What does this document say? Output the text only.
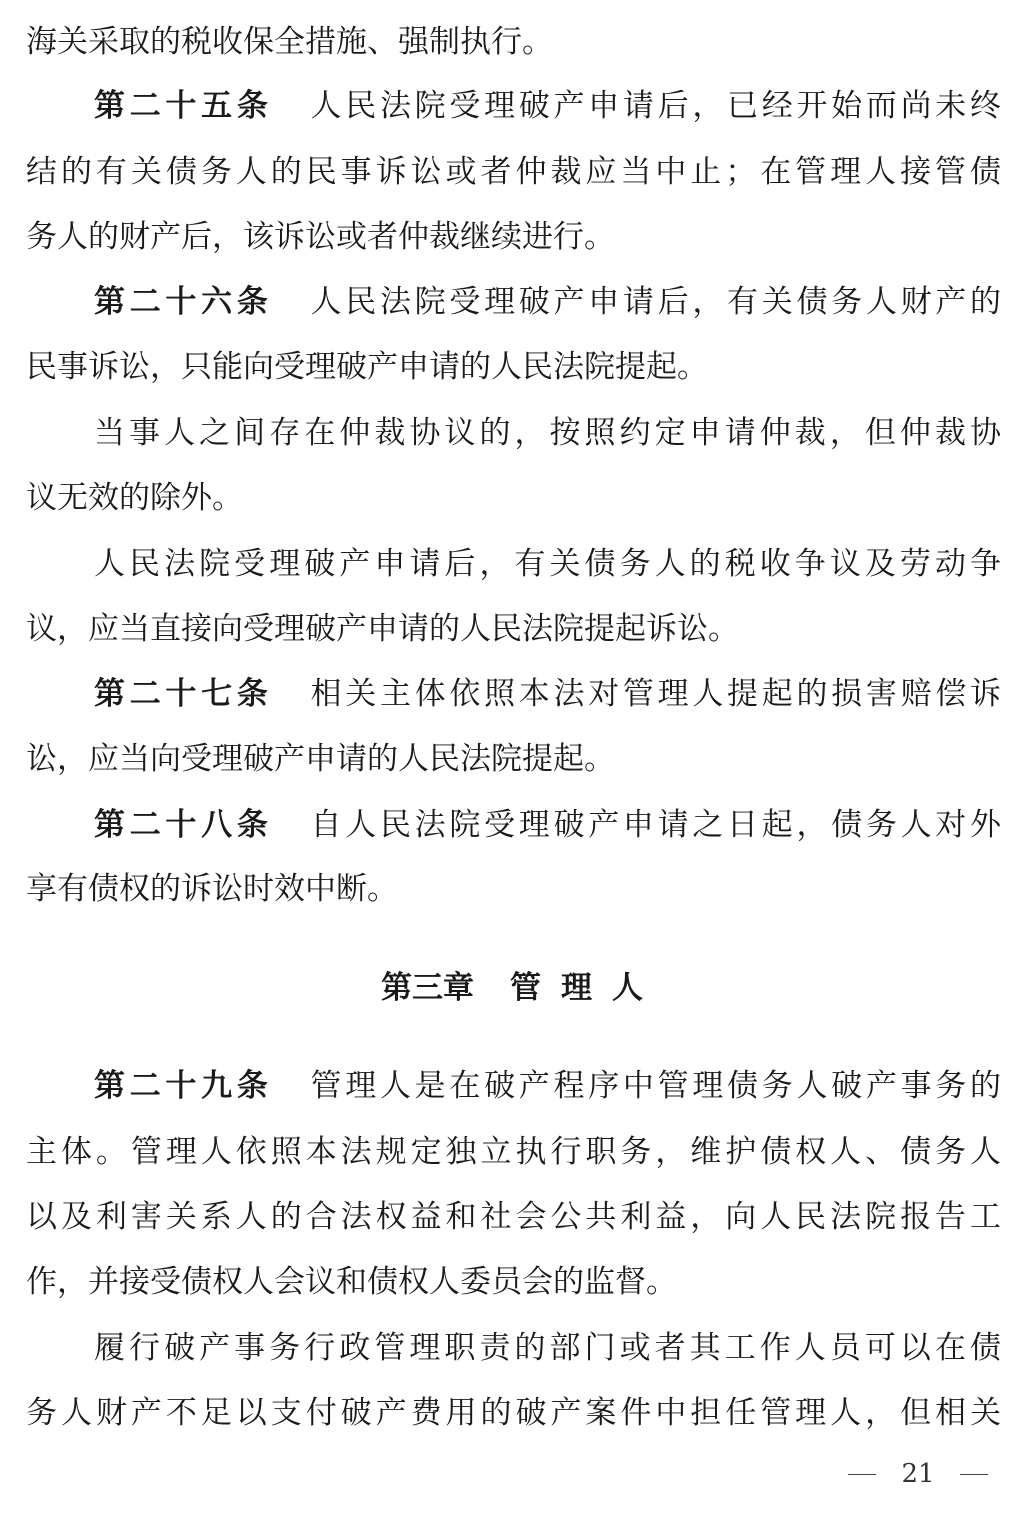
海关采取的税收保全措施、强制执行。
第二十五条 人民法院受理破产申请后，已经开始而尚未终
结的有关债务人的民事诉讼或者仲裁应当中止；在管理人接管债
务人的财产后，该诉讼或者仲裁继续进行。
第二十六条 人民法院受理破产申请后，有关债务人财产的
民事诉讼，只能向受理破产申请的人民法院提起。
当事人之间存在仲裁协议的，按照约定申请仲裁，但仲裁协
议无效的除外。
人民法院受理破产申请后，有关债务人的税收争议及劳动争
议，应当直接向受理破产申请的人民法院提起诉讼。
第二十七条 相关主体依照本法对管理人提起的损害赔偿诉
讼，应当向受理破产申请的人民法院提起。
第二十八条 自人民法院受理破产申请之日起，债务人对外
享有债权的诉讼时效中断。
第三章 管理人
第二十九条 管理人是在破产程序中管理债务人破产事务的
主体。管理人依照本法规定独立执行职务，维护债权人、债务人
以及利害关系人的合法权益和社会公共利益，向人民法院报告工
作，并接受债权人会议和债权人委员会的监督。
履行破产事务行政管理职责的部门或者其工作人员可以在债
务人财产不足以支付破产费用的破产案件中担任管理人，但相关
21
